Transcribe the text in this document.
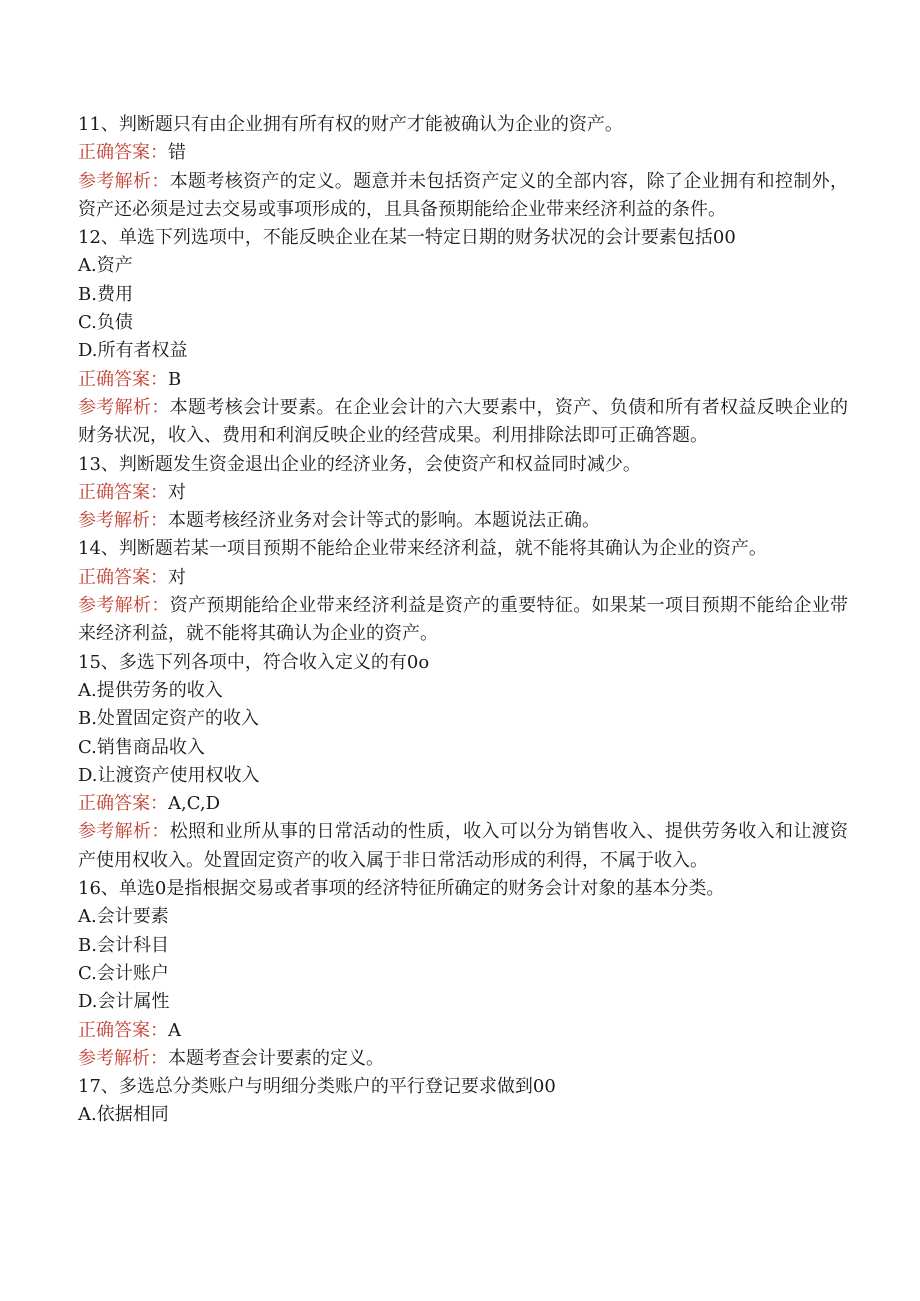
11、判断题只有由企业拥有所有权的财产才能被确认为企业的资产。
正确答案：错
参考解析：本题考核资产的定义。题意并未包括资产定义的全部内容，除了企业拥有和控制外，资产还必须是过去交易或事项形成的，且具备预期能给企业带来经济利益的条件。
12、单选下列选项中，不能反映企业在某一特定日期的财务状况的会计要素包括00
A.资产
B.费用
C.负债
D.所有者权益
正确答案：B
参考解析：本题考核会计要素。在企业会计的六大要素中，资产、负债和所有者权益反映企业的财务状况，收入、费用和利润反映企业的经营成果。利用排除法即可正确答题。
13、判断题发生资金退出企业的经济业务，会使资产和权益同时减少。
正确答案：对
参考解析：本题考核经济业务对会计等式的影响。本题说法正确。
14、判断题若某一项目预期不能给企业带来经济利益，就不能将其确认为企业的资产。
正确答案：对
参考解析：资产预期能给企业带来经济利益是资产的重要特征。如果某一项目预期不能给企业带来经济利益，就不能将其确认为企业的资产。
15、多选下列各项中，符合收入定义的有0o
A.提供劳务的收入
B.处置固定资产的收入
C.销售商品收入
D.让渡资产使用权收入
正确答案：A,C,D
参考解析：松照和业所从事的日常活动的性质，收入可以分为销售收入、提供劳务收入和让渡资产使用权收入。处置固定资产的收入属于非日常活动形成的利得，不属于收入。
16、单选0是指根据交易或者事项的经济特征所确定的财务会计对象的基本分类。
A.会计要素
B.会计科目
C.会计账户
D.会计属性
正确答案：A
参考解析：本题考查会计要素的定义。
17、多选总分类账户与明细分类账户的平行登记要求做到00
A.依据相同
